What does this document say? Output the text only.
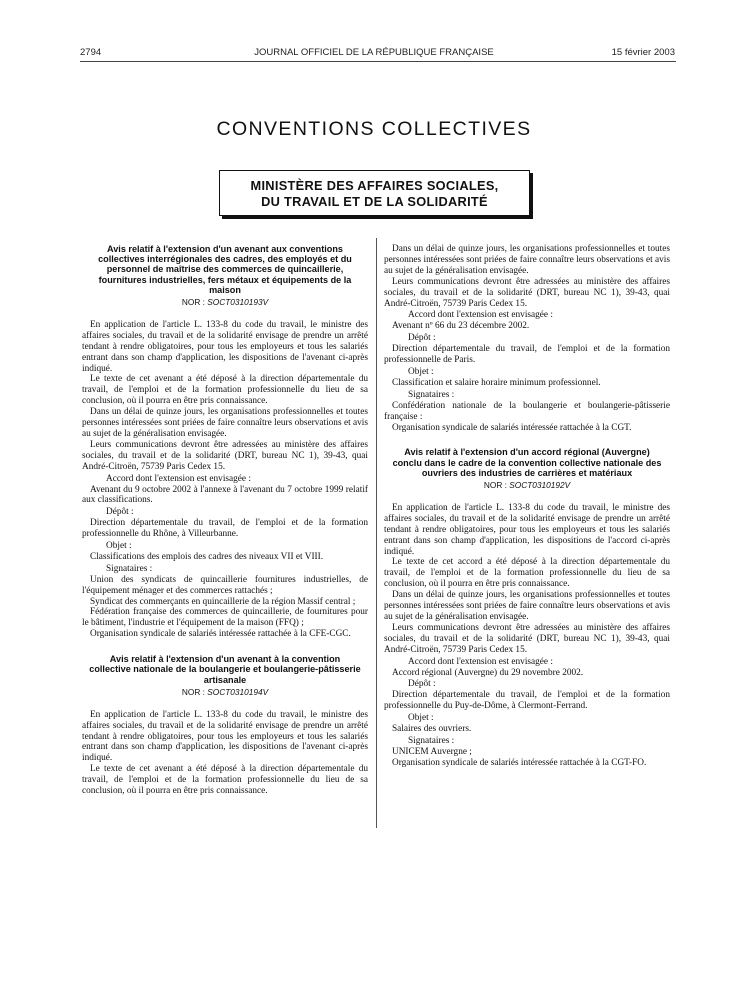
2794	JOURNAL OFFICIEL DE LA RÉPUBLIQUE FRANÇAISE	15 février 2003
CONVENTIONS COLLECTIVES
MINISTÈRE DES AFFAIRES SOCIALES,
DU TRAVAIL ET DE LA SOLIDARITÉ
Avis relatif à l'extension d'un avenant aux conventions collectives interrégionales des cadres, des employés et du personnel de maîtrise des commerces de quincaillerie, fournitures industrielles, fers métaux et équipements de la maison
NOR : SOCT0310193V

En application de l'article L. 133-8 du code du travail, le ministre des affaires sociales, du travail et de la solidarité envisage de prendre un arrêté tendant à rendre obligatoires, pour tous les employeurs et tous les salariés entrant dans son champ d'application, les dispositions de l'avenant ci-après indiqué.

Le texte de cet avenant a été déposé à la direction départementale du travail, de l'emploi et de la formation professionnelle du lieu de sa conclusion, où il pourra en être pris connaissance.

Dans un délai de quinze jours, les organisations professionnelles et toutes personnes intéressées sont priées de faire connaître leurs observations et avis au sujet de la généralisation envisagée.

Leurs communications devront être adressées au ministère des affaires sociales, du travail et de la solidarité (DRT, bureau NC 1), 39-43, quai André-Citroën, 75739 Paris Cedex 15.

Accord dont l'extension est envisagée :

Avenant du 9 octobre 2002 à l'annexe à l'avenant du 7 octobre 1999 relatif aux classifications.

Dépôt :

Direction départementale du travail, de l'emploi et de la formation professionnelle du Rhône, à Villeurbanne.

Objet :

Classifications des emplois des cadres des niveaux VII et VIII.

Signataires :

Union des syndicats de quincaillerie fournitures industrielles, de l'équipement ménager et des commerces rattachés ;

Syndicat des commerçants en quincaillerie de la région Massif central ;

Fédération française des commerces de quincaillerie, de fournitures pour le bâtiment, l'industrie et l'équipement de la maison (FFQ) ;

Organisation syndicale de salariés intéressée rattachée à la CFE-CGC.

Avis relatif à l'extension d'un avenant à la convention collective nationale de la boulangerie et boulangerie-pâtisserie artisanale
NOR : SOCT0310194V

En application de l'article L. 133-8 du code du travail, le ministre des affaires sociales, du travail et de la solidarité envisage de prendre un arrêté tendant à rendre obligatoires, pour tous les employeurs et tous les salariés entrant dans son champ d'application, les dispositions de l'avenant ci-après indiqué.

Le texte de cet avenant a été déposé à la direction départementale du travail, de l'emploi et de la formation professionnelle du lieu de sa conclusion, où il pourra en être pris connaissance.

Dans un délai de quinze jours, les organisations professionnelles et toutes personnes intéressées sont priées de faire connaître leurs observations et avis au sujet de la généralisation envisagée.

Leurs communications devront être adressées au ministère des affaires sociales, du travail et de la solidarité (DRT, bureau NC 1), 39-43, quai André-Citroën, 75739 Paris Cedex 15.

Accord dont l'extension est envisagée :

Avenant nº 66 du 23 décembre 2002.

Dépôt :

Direction départementale du travail, de l'emploi et de la formation professionnelle de Paris.

Objet :

Classification et salaire horaire minimum professionnel.

Signataires :

Confédération nationale de la boulangerie et boulangerie-pâtisserie française :

Organisation syndicale de salariés intéressée rattachée à la CGT.

Avis relatif à l'extension d'un accord régional (Auvergne) conclu dans le cadre de la convention collective nationale des ouvriers des industries de carrières et matériaux
NOR : SOCT0310192V

En application de l'article L. 133-8 du code du travail, le ministre des affaires sociales, du travail et de la solidarité envisage de prendre un arrêté tendant à rendre obligatoires, pour tous les employeurs et tous les salariés entrant dans son champ d'application, les dispositions de l'accord ci-après indiqué.

Le texte de cet accord a été déposé à la direction départementale du travail, de l'emploi et de la formation professionnelle du lieu de sa conclusion, où il pourra en être pris connaissance.

Dans un délai de quinze jours, les organisations professionnelles et toutes personnes intéressées sont priées de faire connaître leurs observations et avis au sujet de la généralisation envisagée.

Leurs communications devront être adressées au ministère des affaires sociales, du travail et de la solidarité (DRT, bureau NC 1), 39-43, quai André-Citroën, 75739 Paris Cedex 15.

Accord dont l'extension est envisagée :

Accord régional (Auvergne) du 29 novembre 2002.

Dépôt :

Direction départementale du travail, de l'emploi et de la formation professionnelle du Puy-de-Dôme, à Clermont-Ferrand.

Objet :

Salaires des ouvriers.

Signataires :

UNICEM Auvergne ;

Organisation syndicale de salariés intéressée rattachée à la CGT-FO.
